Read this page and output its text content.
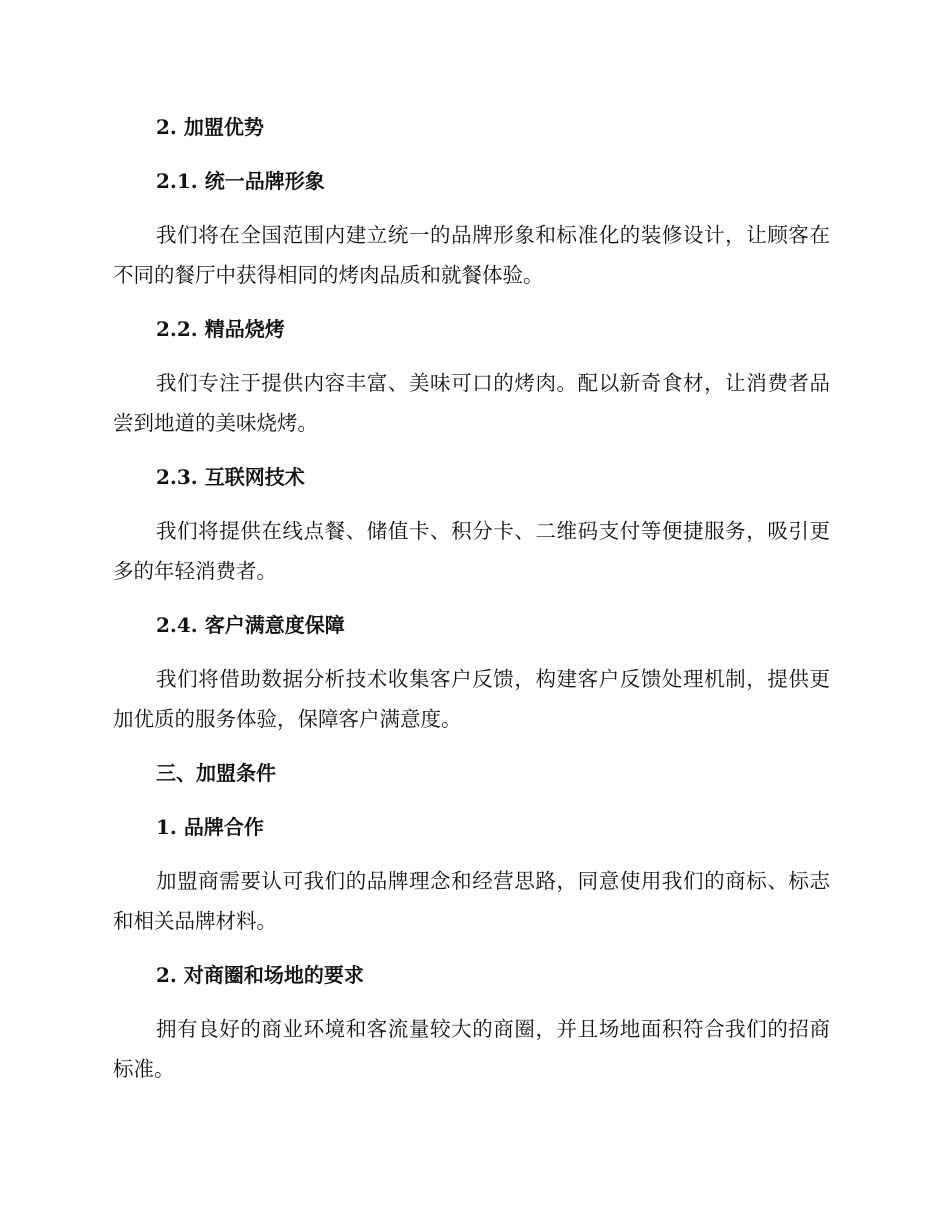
2. 加盟优势
2.1. 统一品牌形象

我们将在全国范围内建立统一的品牌形象和标准化的装修设计，让顾客在不同的餐厅中获得相同的烤肉品质和就餐体验。

2.2. 精品烧烤

我们专注于提供内容丰富、美味可口的烤肉。配以新奇食材，让消费者品尝到地道的美味烧烤。

2.3. 互联网技术

我们将提供在线点餐、储值卡、积分卡、二维码支付等便捷服务，吸引更多的年轻消费者。

2.4. 客户满意度保障

我们将借助数据分析技术收集客户反馈，构建客户反馈处理机制，提供更加优质的服务体验，保障客户满意度。

三、加盟条件
1. 品牌合作

加盟商需要认可我们的品牌理念和经营思路，同意使用我们的商标、标志和相关品牌材料。

2. 对商圈和场地的要求

拥有良好的商业环境和客流量较大的商圈，并且场地面积符合我们的招商标准。
